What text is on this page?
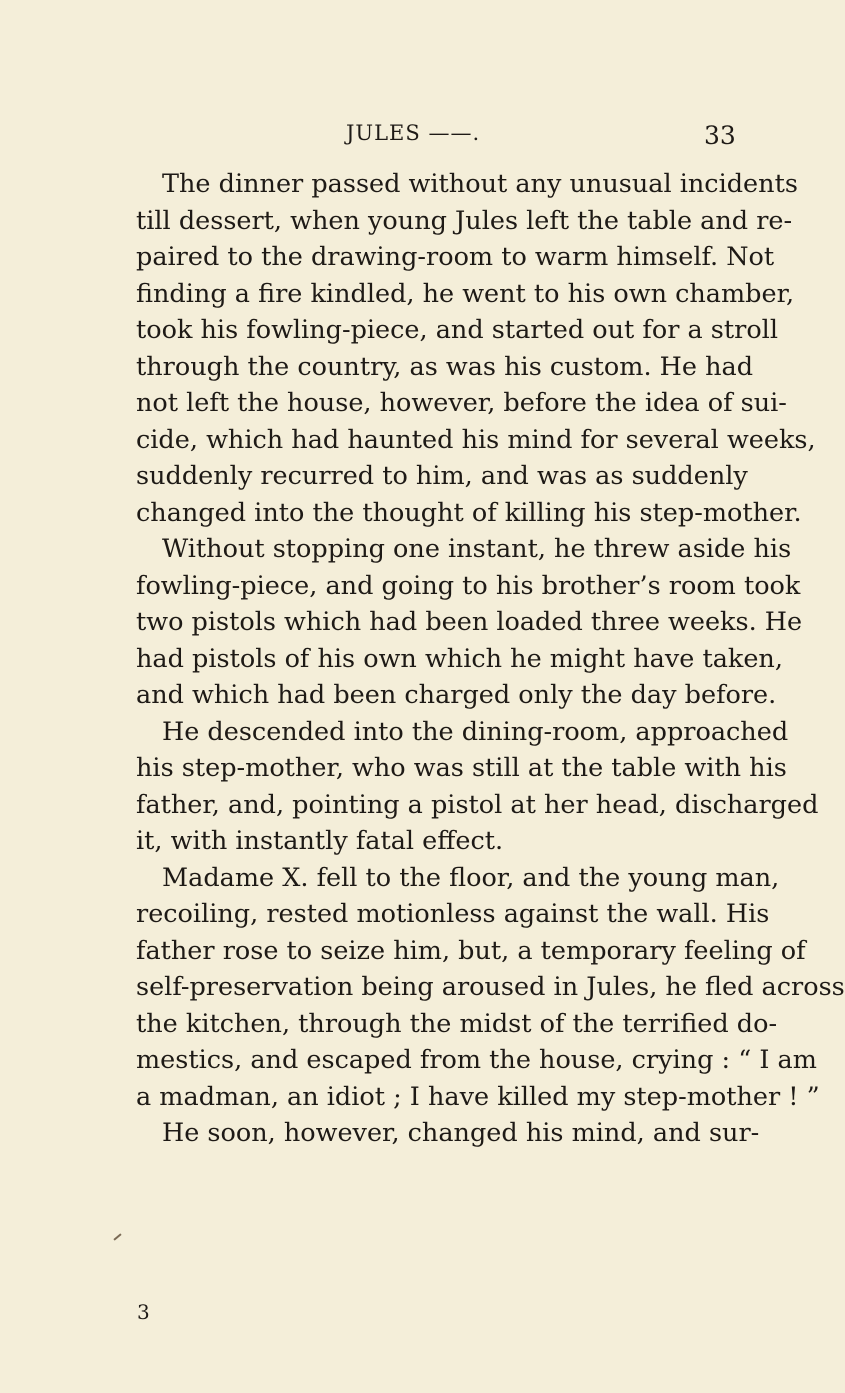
JULES ——.	33
The dinner passed without any unusual incidents
till dessert, when young Jules left the table and re-
paired to the drawing-room to warm himself. Not
finding a fire kindled, he went to his own chamber,
took his fowling-piece, and started out for a stroll
through the country, as was his custom. He had
not left the house, however, before the idea of sui-
cide, which had haunted his mind for several weeks,
suddenly recurred to him, and was as suddenly
changed into the thought of killing his step-mother.
Without stopping one instant, he threw aside his
fowling-piece, and going to his brother’s room took
two pistols which had been loaded three weeks. He
had pistols of his own which he might have taken,
and which had been charged only the day before.
He descended into the dining-room, approached
his step-mother, who was still at the table with his
father, and, pointing a pistol at her head, discharged
it, with instantly fatal effect.
Madame X. fell to the floor, and the young man,
recoiling, rested motionless against the wall. His
father rose to seize him, but, a temporary feeling of
self-preservation being aroused in Jules, he fled across
the kitchen, through the midst of the terrified do-
mestics, and escaped from the house, crying : “ I am
a madman, an idiot ; I have killed my step-mother ! ”
He soon, however, changed his mind, and sur-
3
